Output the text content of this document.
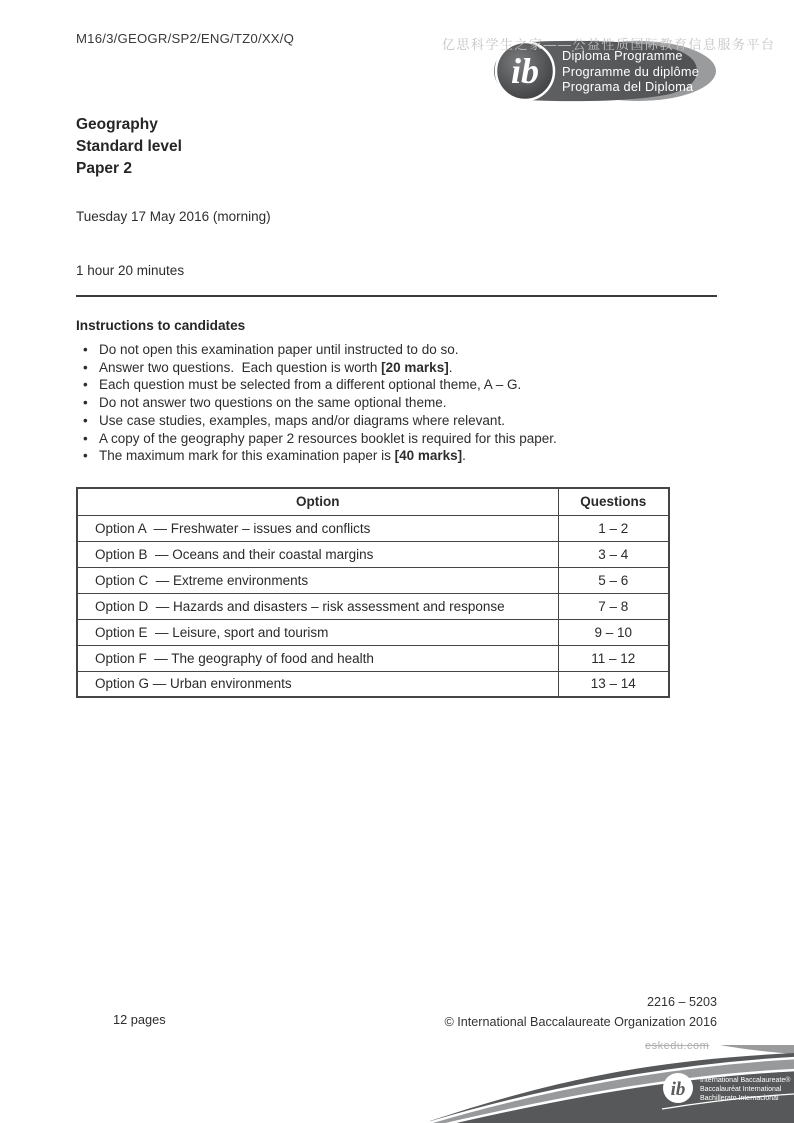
M16/3/GEOGR/SP2/ENG/TZ0/XX/Q	亿思科学生之家——公益性质国际教育信息服务平台
ib Diploma Programme
Programme du diplôme
Programa del Diploma
Geography
Standard level
Paper 2
Tuesday 17 May 2016 (morning)
1 hour 20 minutes
Instructions to candidates
• Do not open this examination paper until instructed to do so.
• Answer two questions.  Each question is worth [20 marks] .
• Each question must be selected from a different optional theme, A – G.
• Do not answer two questions on the same optional theme.
• Use case studies, examples, maps and/or diagrams where relevant.
• A copy of the geography paper 2 resources booklet is required for this paper.
• The maximum mark for this examination paper is [40 marks] .
Option	Questions
Option A  — Freshwater – issues and conflicts	1 – 2
Option B  — Oceans and their coastal margins	3 – 4
Option C  — Extreme environments	5 – 6
Option D  — Hazards and disasters – risk assessment and response	7 – 8
Option E  — Leisure, sport and tourism	9 – 10
Option F  — The geography of food and health	11 – 12
Option G — Urban environments	13 – 14
12 pages
2216 – 5203
© International Baccalaureate Organization 2016
eskedu.com
ib International Baccalaureate®
Baccalauréat International
Bachillerato Internacional
